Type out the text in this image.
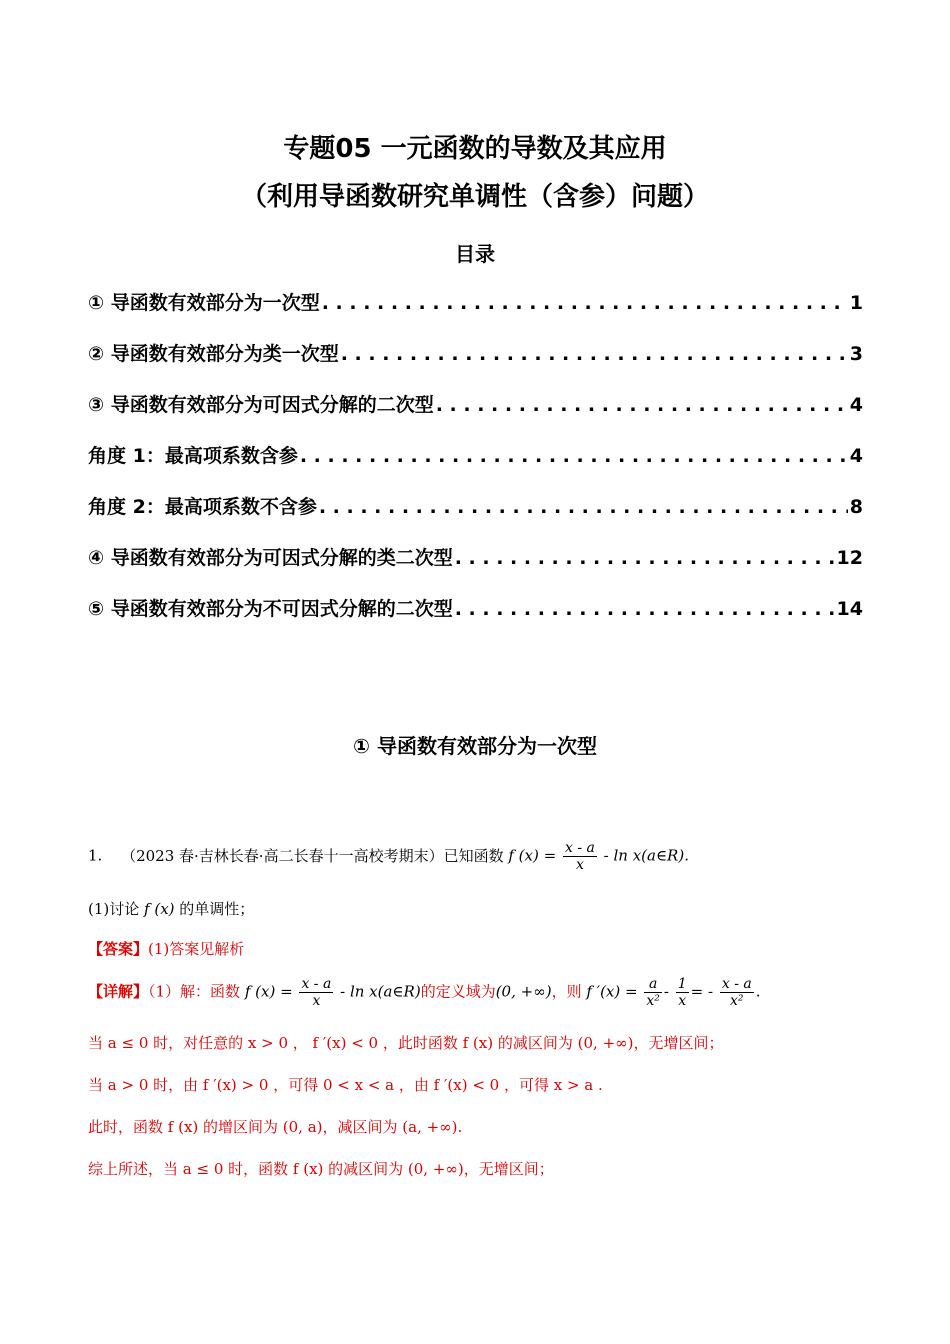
专题05 一元函数的导数及其应用
（利用导函数研究单调性（含参）问题）
目录
① 导函数有效部分为一次型 . . .	1
② 导函数有效部分为类一次型 . . .	3
③ 导函数有效部分为可因式分解的二次型 . . .	4
角度 1：最高项系数含参 . . .	4
角度 2：最高项系数不含参 . . .	8
④ 导函数有效部分为可因式分解的类二次型 . . .	12
⑤ 导函数有效部分为不可因式分解的二次型 . . .	14
① 导函数有效部分为一次型
1. （2023 春·吉林长春·高二长春十一高校考期末）已知函数 f $(x) = \frac{x - a}{x} - \ln$ x(a∈R).
(1)讨论 f (x) 的单调性；
【答案】(1)答案见解析
【详解】（1）解：函数 f $(x) = \frac{x - a}{x} - \ln$ x(a∈R)的定义域为(0, +∞)，则 f $'(x) = \frac{a}{\text{x²}} - \frac{1}{x}$ = - $\frac{x - a}{\text{x²}}$ .
当 a ≤ 0 时，对任意的 x > 0 ， f ′(x) < 0 ，此时函数 f (x) 的减区间为 (0, +∞)，无增区间；
当 a > 0 时，由 f ′(x) > 0 ，可得 0 < x < a ，由 f ′(x) < 0 ，可得 x > a .
此时，函数 f (x) 的增区间为 (0, a)，减区间为 (a, +∞).
综上所述，当 a ≤ 0 时，函数 f (x) 的减区间为 (0, +∞)，无增区间；
